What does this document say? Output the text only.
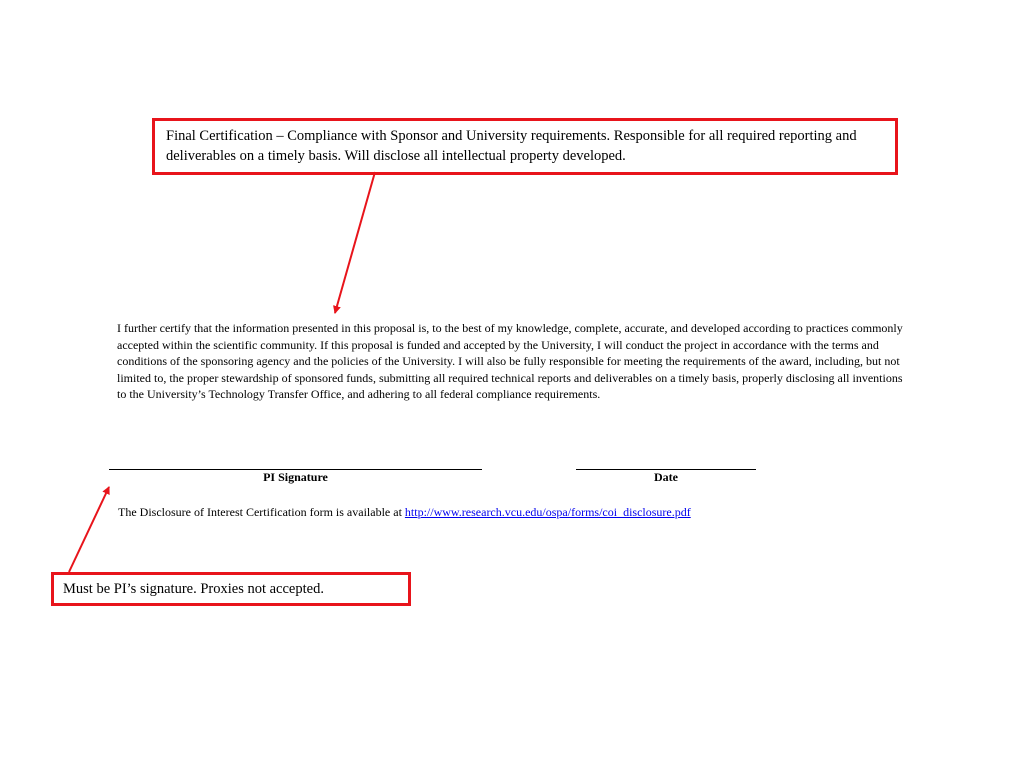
Final Certification – Compliance with Sponsor and University requirements. Responsible for all required reporting and deliverables on a timely basis. Will disclose all intellectual property developed.
I further certify that the information presented in this proposal is, to the best of my knowledge, complete, accurate, and developed according to practices commonly accepted within the scientific community. If this proposal is funded and accepted by the University, I will conduct the project in accordance with the terms and conditions of the sponsoring agency and the policies of the University. I will also be fully responsible for meeting the requirements of the award, including, but not limited to, the proper stewardship of sponsored funds, submitting all required technical reports and deliverables on a timely basis, properly disclosing all inventions to the University’s Technology Transfer Office, and adhering to all federal compliance requirements.
PI Signature	Date
The Disclosure of Interest Certification form is available at http://www.research.vcu.edu/ospa/forms/coi_disclosure.pdf
Must be PI’s signature. Proxies not accepted.
